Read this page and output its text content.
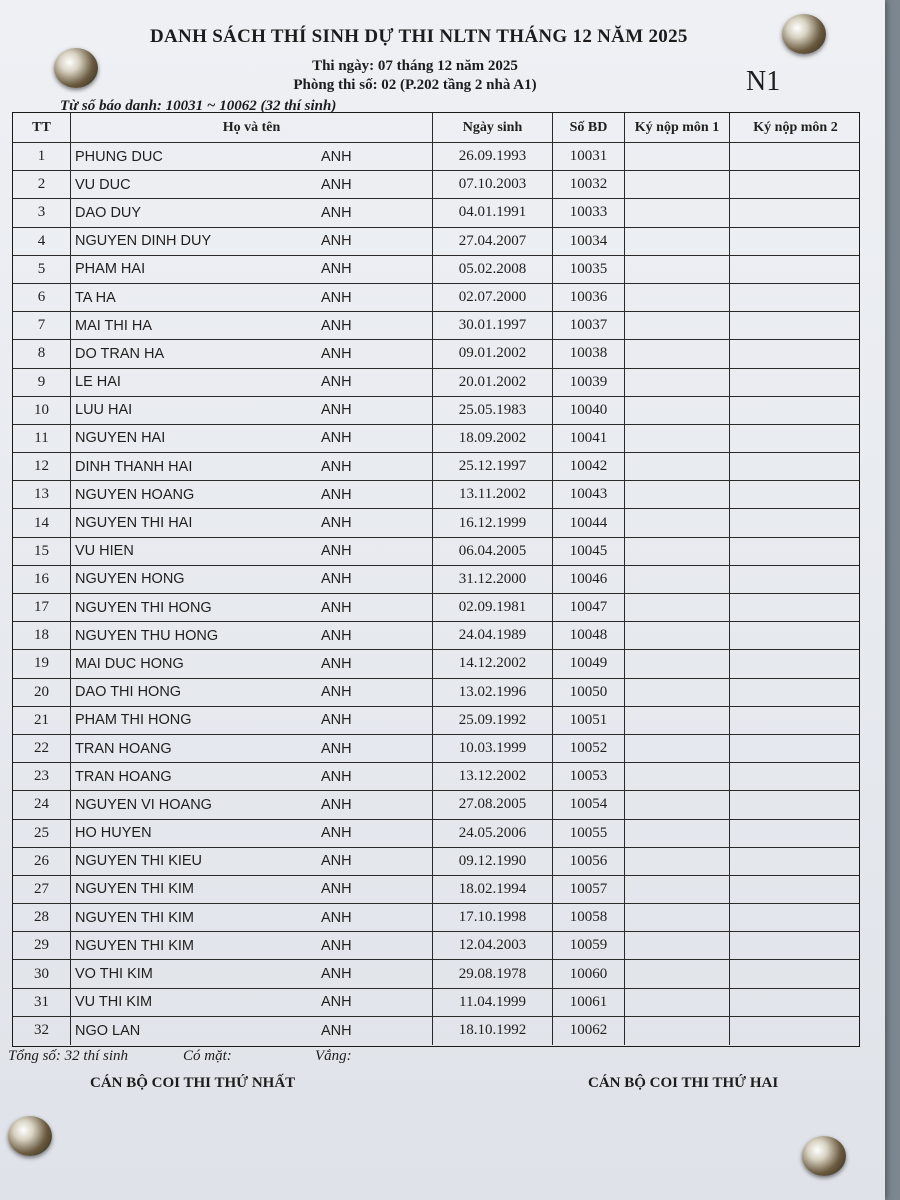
DANH SÁCH THÍ SINH DỰ THI NLTN THÁNG 12 NĂM 2025
Thi ngày: 07 tháng 12 năm 2025
Phòng thi số: 02 (P.202 tầng 2 nhà A1)	N1
Từ số báo danh: 10031 ~ 10062 (32 thí sinh)
TT	Họ và tên	Ngày sinh	Số BD	Ký nộp môn 1	Ký nộp môn 2
1	PHUNG DUC	ANH	26.09.1993	10031
2	VU DUC	ANH	07.10.2003	10032
3	DAO DUY	ANH	04.01.1991	10033
4	NGUYEN DINH DUY	ANH	27.04.2007	10034
5	PHAM HAI	ANH	05.02.2008	10035
6	TA HA	ANH	02.07.2000	10036
7	MAI THI HA	ANH	30.01.1997	10037
8	DO TRAN HA	ANH	09.01.2002	10038
9	LE HAI	ANH	20.01.2002	10039
10	LUU HAI	ANH	25.05.1983	10040
11	NGUYEN HAI	ANH	18.09.2002	10041
12	DINH THANH HAI	ANH	25.12.1997	10042
13	NGUYEN HOANG	ANH	13.11.2002	10043
14	NGUYEN THI HAI	ANH	16.12.1999	10044
15	VU HIEN	ANH	06.04.2005	10045
16	NGUYEN HONG	ANH	31.12.2000	10046
17	NGUYEN THI HONG	ANH	02.09.1981	10047
18	NGUYEN THU HONG	ANH	24.04.1989	10048
19	MAI DUC HONG	ANH	14.12.2002	10049
20	DAO THI HONG	ANH	13.02.1996	10050
21	PHAM THI HONG	ANH	25.09.1992	10051
22	TRAN HOANG	ANH	10.03.1999	10052
23	TRAN HOANG	ANH	13.12.2002	10053
24	NGUYEN VI HOANG	ANH	27.08.2005	10054
25	HO HUYEN	ANH	24.05.2006	10055
26	NGUYEN THI KIEU	ANH	09.12.1990	10056
27	NGUYEN THI KIM	ANH	18.02.1994	10057
28	NGUYEN THI KIM	ANH	17.10.1998	10058
29	NGUYEN THI KIM	ANH	12.04.2003	10059
30	VO THI KIM	ANH	29.08.1978	10060
31	VU THI KIM	ANH	11.04.1999	10061
32	NGO LAN	ANH	18.10.1992	10062
Tổng số: 32 thí sinh	Có mặt:	Vắng:
CÁN BỘ COI THI THỨ NHẤT	CÁN BỘ COI THI THỨ HAI
